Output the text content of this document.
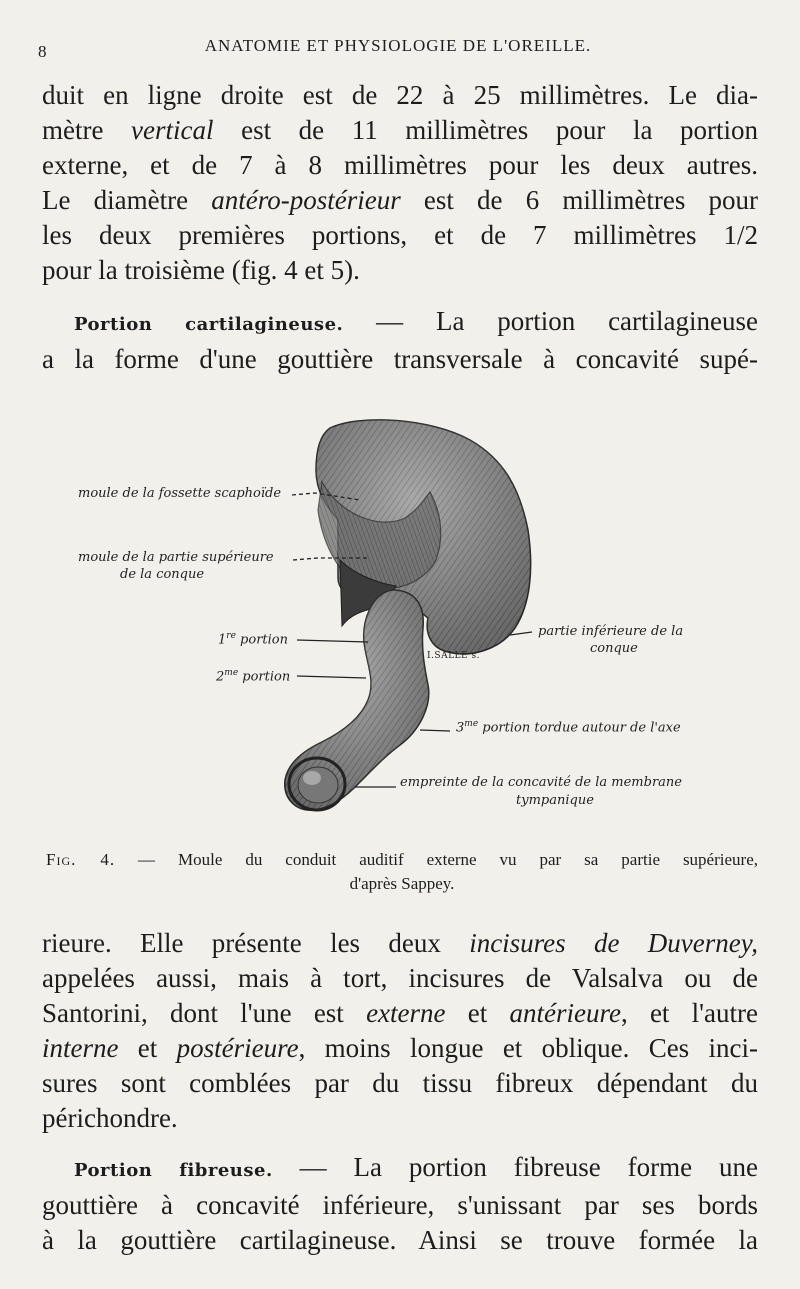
8	ANATOMIE ET PHYSIOLOGIE DE L'OREILLE.

duit en ligne droite est de 22 à 25 millimètres. Le dia-
mètre vertical est de 11 millimètres pour la portion
externe, et de 7 à 8 millimètres pour les deux autres.
Le diamètre antéro-postérieur est de 6 millimètres pour
les deux premières portions, et de 7 millimètres 1/2
pour la troisième (fig. 4 et 5).

Portion cartilagineuse. — La portion cartilagineuse
a la forme d'une gouttière transversale à concavité supé-

moule de la fossette scaphoïde
moule de la partie supérieure
de la conque
1re portion
$2^{me}$ portion
partie inférieure de la
conque
I.SALLE s.
$3^{me}$ portion tordue autour de l'axe
empreinte de la concavité de la membrane
tympanique
Fig. 4. — Moule du conduit auditif externe vu par sa partie supérieure,
d'après Sappey.

rieure. Elle présente les deux incisures de Duverney,
appelées aussi, mais à tort, incisures de Valsalva ou de
Santorini, dont l'une est externe et antérieure, et l'autre
interne et postérieure, moins longue et oblique. Ces inci-
sures sont comblées par du tissu fibreux dépendant du
périchondre.

Portion fibreuse. — La portion fibreuse forme une
gouttière à concavité inférieure, s'unissant par ses bords
à la gouttière cartilagineuse. Ainsi se trouve formée la
